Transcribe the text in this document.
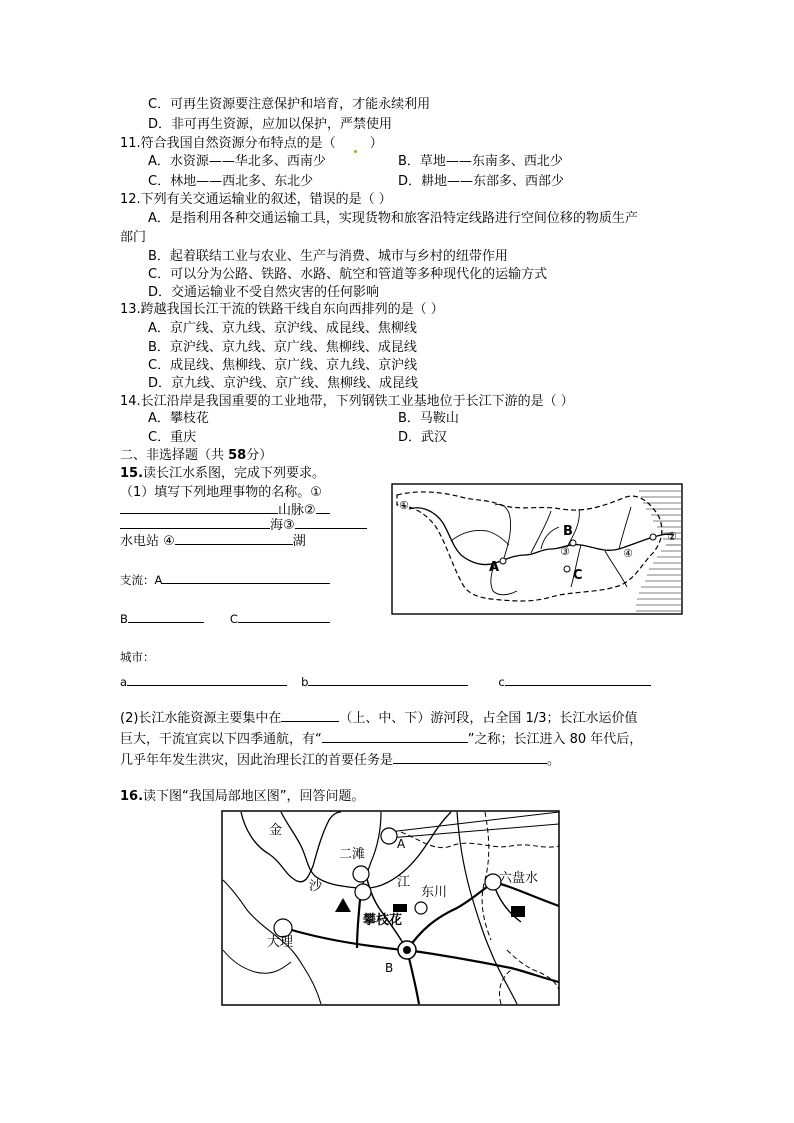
C．可再生资源要注意保护和培育，才能永续利用
D．非可再生资源，应加以保护，严禁使用
11.符合我国自然资源分布特点的是（	）
A．水资源——华北多、西南少	B．草地——东南多、西北少
C．林地——西北多、东北少	D．耕地——东部多、西部少
12.下列有关交通运输业的叙述，错误的是（ ）
A．是指利用各种交通运输工具，实现货物和旅客沿特定线路进行空间位移的物质生产
部门
B．起着联结工业与农业、生产与消费、城市与乡村的纽带作用
C．可以分为公路、铁路、水路、航空和管道等多种现代化的运输方式
D．交通运输业不受自然灾害的任何影响
13.跨越我国长江干流的铁路干线自东向西排列的是（ ）
A．京广线、京九线、京沪线、成昆线、焦柳线
B．京沪线、京九线、京广线、焦柳线、成昆线
C．成昆线、焦柳线、京广线、京九线、京沪线
D．京九线、京沪线、京广线、焦柳线、成昆线
14.长江沿岸是我国重要的工业地带，下列钢铁工业基地位于长江下游的是（ ）
A．攀枝花	B．马鞍山
C．重庆	D．武汉
二、非选择题（共 58分）
15.读长江水系图，完成下列要求。
（1）填写下列地理事物的名称。①
山脉②
海③
水电站 ④	湖
支流：A
B	C
城市：
a	b	c
(2)长江水能资源主要集中在	（上、中、下）游河段，占全国 1/3；长江水运价值
巨大，干流宜宾以下四季通航，有“	”之称；长江进入 80 年代后，
几乎年年发生洪灾，因此治理长江的首要任务是	。
①
②
③	④
A
B
C
16.读下图“我国局部地区图”，回答问题。
金
沙	江
二滩
A
B
东川
六盘水
攀枝花
大理
